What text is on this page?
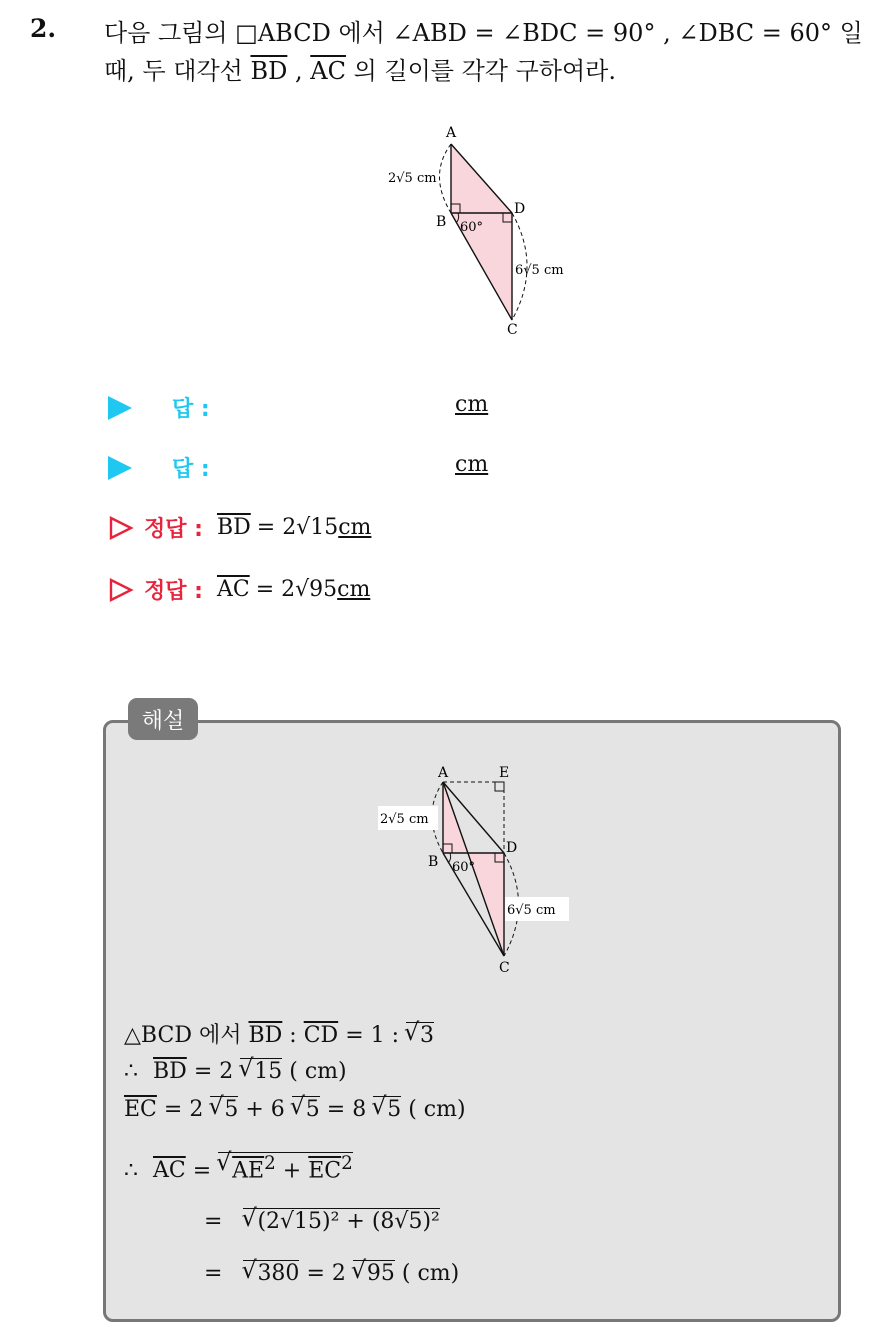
2. 다음 그림의 □ABCD 에서 ∠ABD = ∠BDC = 90° , ∠DBC = 60° 일
때, 두 대각선 $\overline{BD}$ , $\overline{AC}$ 의 길이를 각각 구하여라.
A
B
D
C
2√5 cm
6√5 cm
60°
답 :	cm
답 :	cm
정답 : $\overline{BD} = 2√15$ cm
정답 : $\overline{AC} = 2√95$ cm
해설
A	E
B
D
C
2√5 cm
6√5 cm
60°
△BCD 에서 $\overline{BD}$ : $\overline{CD} = 1$ : √ 3
∴ $\overline{BD} = 2$ √ 15 ( cm)
$\overline{EC} = 2$ √ 5 + 6 √ 5 = 8 √ 5 ( cm)
∴ $\overline{AC}$ = √ $\overline{AE}^2 + \overline{EC}^2$
= √ (2√15)² + (8√5)²
= √ 380 = 2 √ 95 ( cm)
